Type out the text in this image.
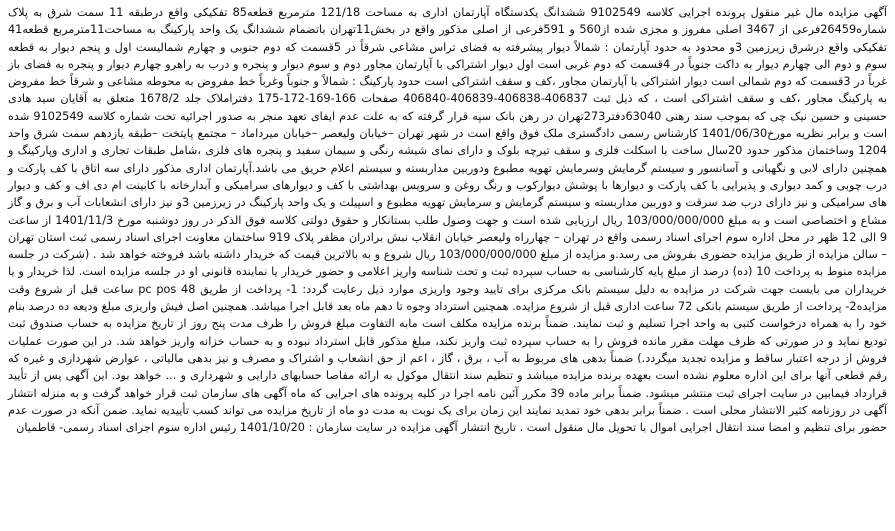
آگهی مزایده مال غیر منقول پرونده اجرایی کلاسه 9102549 ششدانگ یکدستگاه آپارتمان اداری به مساحت 121/18 مترمربع قطعه85 تفکیکی واقع درطبقه 11 سمت شرق به پلاک شماره26459فرعی از 3467 اصلی مفروز و مجزی شده از560 و 591فرعی از اصلی مذکور واقع در بخش11تهران باتضمام ششدانگ یک واحد پارکینگ به مساحت11مترمربع قطعه41 تفکیکی واقع درشرق زیرزمین 3و محدود به حدود آپارتمان : شمالاً دیوار پیشرفته به فضای تراس مشاعی شرقاً در 5قسمت که دوم جنوبی و چهارم شمالیست اول و پنجم دیوار به قطعه سوم و دوم الی چهارم دیوار به داکت جنوباً در 4قسمت که دوم غربی است اول دیوار اشتراکی با آپارتمان مجاور دوم و سوم دیوار و پنجره و درب به راهرو چهارم دیوار و پنجره به فضای باز غرباً در 3قسمت که دوم شمالی است دیوار اشتراکی با آپارتمان مجاور ،کف و سقف اشتراکی است حدود پارکینگ : شمالاً و جنوباً وغرباً خط مفروض به محوطه مشاعی و شرقاً خط مفروض به پارکینگ مجاور ،کف و سقف اشتراکی است ، که ذیل ثبت 406837-406838-406839-406840 صفحات 166-169-172-175 دفتراملاک جلد 1678/2 متعلق به آقایان سید هادی حسینی و حسین نیک چی که بموجب سند رهنی 63040دفتر273تهران در رهن بانک سپه قرار گرفته که به علت عدم ایفای تعهد منجر به صدور اجرائیه تحت شماره کلاسه 9102549 شده است و برابر نظریه مورخ1401/06/30 کارشناس رسمی دادگستری ملک فوق واقع است در شهر تهران –خیابان ولیعصر –خیابان میرداماد – مجتمع پایتخت –طبقه یازدهم سمت شرق واحد 1204 وساختمان مذکور حدود 20سال ساخت با اسکلت فلزی و سقف تیرچه بلوک و دارای نمای شیشه رنگی و سیمان سفید و پنجره های فلزی ،شامل طبقات تجاری و اداری وپارکینگ و همچنین دارای لابی و نگهبانی و آسانسور و سیستم گرمایش وسرمایش تهویه مطبوع ودوربین مداربسته و سیستم اعلام حریق می باشد.آپارتمان اداری مذکور دارای سه اتاق با کف پارکت و درب چوبی و کمد دیواری و پذیرایی با کف پارکت و دیوارها با پوشش دیوارکوب و رنگ روغن و سرویس بهداشتی با کف و دیوارهای سرامیکی و آبدارخانه با کابینت ام دی اف و کف و دیوار های سرامیکی و نیز دارای درب ضد سرقت و دوربین مداربسته و سیستم گرمایش و سرمایش تهویه مطبوع و اسپیلت و یک واحد پارکینگ در زیرزمین 3و نیز دارای انشعابات آب و برق و گاز مشاع و اختصاصی است و به مبلغ 103/000/000/000 ریال ارزیابی شده است و جهت وصول طلب بستانکار و حقوق دولتی کلاسه فوق الذکر در روز دوشنبه مورخ 1401/11/3 از ساعت 9 الی 12 ظهر در محل اداره سوم اجرای اسناد رسمی واقع در تهران – چهارراه ولیعصر خیابان انقلاب نبش برادران مظفر پلاک 919 ساختمان معاونت اجرای اسناد رسمی ثبت استان تهران – سالن مزایده از طریق مزایده حضوری بفروش می رسد.و مزایده از مبلغ 103/000/000/000 ریال شروع و به بالاترین قیمت که خریدار داشته باشد فروخته خواهد شد . (شرکت در جلسه مزایده منوط به پرداخت 10 (ده) درصد از مبلغ پایه کارشناسی به حساب سپرده ثبت و تحت شناسه واریز اعلامی و حضور خریدار یا نماینده قانونی او در جلسه مزایده است. لذا خریدار و یا خریداران می بایست جهت شرکت در مزایده به دلیل سیستم بانک مرکزی برای تایید وجود واریزی موارد ذیل رعایت گردد: 1- پرداخت از طریق pc pos 48 ساعت قبل از شروع وقت مزایده2- پرداخت از طریق سیستم بانکی 72 ساعت اداری قبل از شروع مزایده. همچنین استرداد وجوه تا دهم ماه بعد قابل اجرا میباشد. همچنین اصل فیش واریزی مبلغ ودیعه ده درصد بنام خود را به همراه درخواست کتبی به واحد اجرا تسلیم و ثبت نمایند. ضمناً برنده مزایده مکلف است مابه التفاوت مبلغ فروش را ظرف مدت پنج روز از تاریخ مزایده به حساب صندوق ثبت تودیع نماید و در صورتی که ظرف مهلت مقرر مانده فروش را به حساب سپرده ثبت واریز نکند، مبلغ مذکور قابل استرداد نبوده و به حساب خزانه واریز خواهد شد. در این صورت عملیات فروش از درجه اعتبار ساقط و مزایده تجدید میگردد.) ضمناً بدهی های مربوط به آب ، برق ، گاز ، اعم از حق انشعاب و اشتراک و مصرف و نیز بدهی مالیاتی ، عوارض شهرداری و غیره که رقم قطعی آنها برای این اداره معلوم نشده است بعهده برنده مزایده میباشد و تنظیم سند انتقال موکول به ارائه مفاصا حسابهای دارایی و شهرداری و ... خواهد بود. این آگهی پس از تأیید قرارداد فیمابین در سایت اجرای ثبت منتشر میشود. ضمناً برابر ماده 39 مکرر آئین نامه اجرا در کلیه پرونده های اجرایی که ماه آگهی های سازمان ثبت قرار خواهد گرفت و به منزله انتشار آگهی در روزنامه کثیر الانتشار محلی است . ضمناً برابر بدهی خود تمدید نمایند این زمان برای یک نوبت به مدت دو ماه از تاریخ مزایده می تواند کسب تأییدیه نماید. ضمن آنکه در صورت عدم حضور برای تنظیم و امضا سند انتقال اجرایی اموال با تحویل مال منقول است . تاریخ انتشار آگهی مزایده در سایت سازمان : 1401/10/20 رئیس اداره سوم اجرای اسناد رسمی- قاطمیان
